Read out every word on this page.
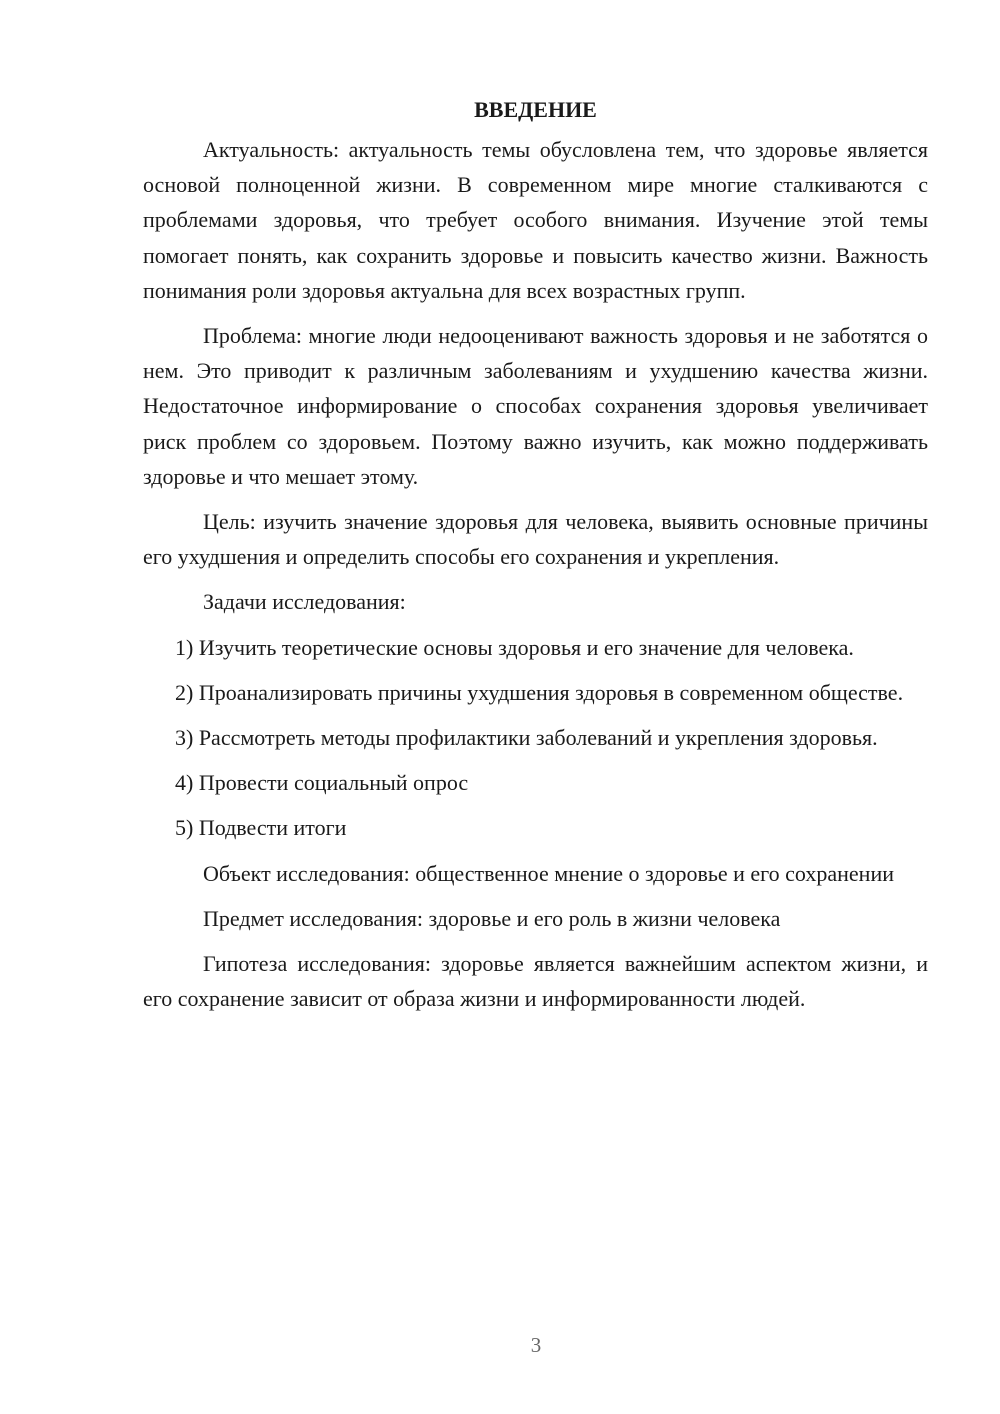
ВВЕДЕНИЕ

Актуальность: актуальность темы обусловлена тем, что здоровье является основой полноценной жизни. В современном мире многие сталкиваются с проблемами здоровья, что требует особого внимания. Изучение этой темы помогает понять, как сохранить здоровье и повысить качество жизни. Важность понимания роли здоровья актуальна для всех возрастных групп.

Проблема: многие люди недооценивают важность здоровья и не заботятся о нем. Это приводит к различным заболеваниям и ухудшению качества жизни. Недостаточное информирование о способах сохранения здоровья увеличивает риск проблем со здоровьем. Поэтому важно изучить, как можно поддерживать здоровье и что мешает этому.

Цель: изучить значение здоровья для человека, выявить основные причины его ухудшения и определить способы его сохранения и укрепления.

Задачи исследования:

1) Изучить теоретические основы здоровья и его значение для человека.

2) Проанализировать причины ухудшения здоровья в современном обществе.

3) Рассмотреть методы профилактики заболеваний и укрепления здоровья.

4) Провести социальный опрос

5) Подвести итоги

Объект исследования: общественное мнение о здоровье и его сохранении

Предмет исследования: здоровье и его роль в жизни человека

Гипотеза исследования: здоровье является важнейшим аспектом жизни, и его сохранение зависит от образа жизни и информированности людей.

3
